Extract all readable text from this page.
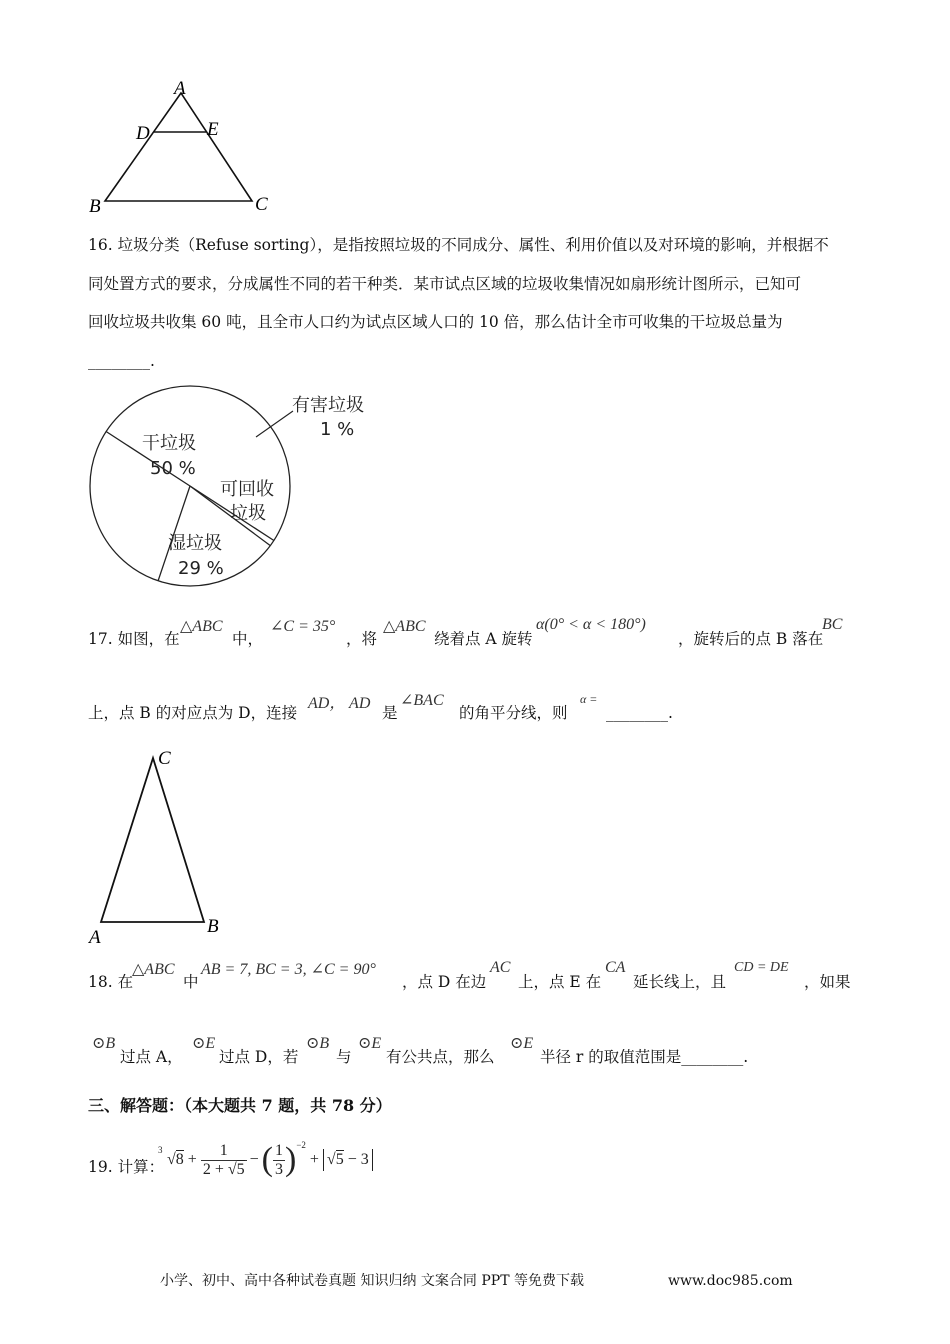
A
D	E
B	C
16. 垃圾分类（Refuse sorting），是指按照垃圾的不同成分、属性、利用价值以及对环境的影响，并根据不
同处置方式的要求，分成属性不同的若干种类．某市试点区域的垃圾收集情况如扇形统计图所示，已知可
回收垃圾共收集 60 吨，且全市人口约为试点区域人口的 10 倍，那么估计全市可收集的干垃圾总量为
________.
有害垃圾
1 %
干垃圾
50 %
可回收
垃圾
湿垃圾
29 %
17. 如图，在
△ABC
中，
∠C = 35°
，将
△ABC
绕着点 A 旋转
α(0° < α < 180°)
，旋转后的点 B 落在
BC
上，点 B 的对应点为 D，连接
AD， AD
是
∠BAC
的角平分线，则
α =
________.
C
A
B
18. 在
△ABC
中
AB = 7, BC = 3, ∠C = 90°
，点 D 在边
AC
上，点 E 在
CA
延长线上，且
CD = DE
，如果
⊙B
过点 A，
⊙E
过点 D，若
⊙B
与
⊙E
有公共点，那么
⊙E
半径 r 的取值范围是________.
三、解答题：（本大题共 7 题，共 78 分）
19. 计算：
3
$√8 + \frac{1}{2 + √5}$ − ( $\frac{1}{3} )^{-2}$
+ √5 − 3
小学、初中、高中各种试卷真题 知识归纳 文案合同 PPT 等免费下载	www.doc985.com
